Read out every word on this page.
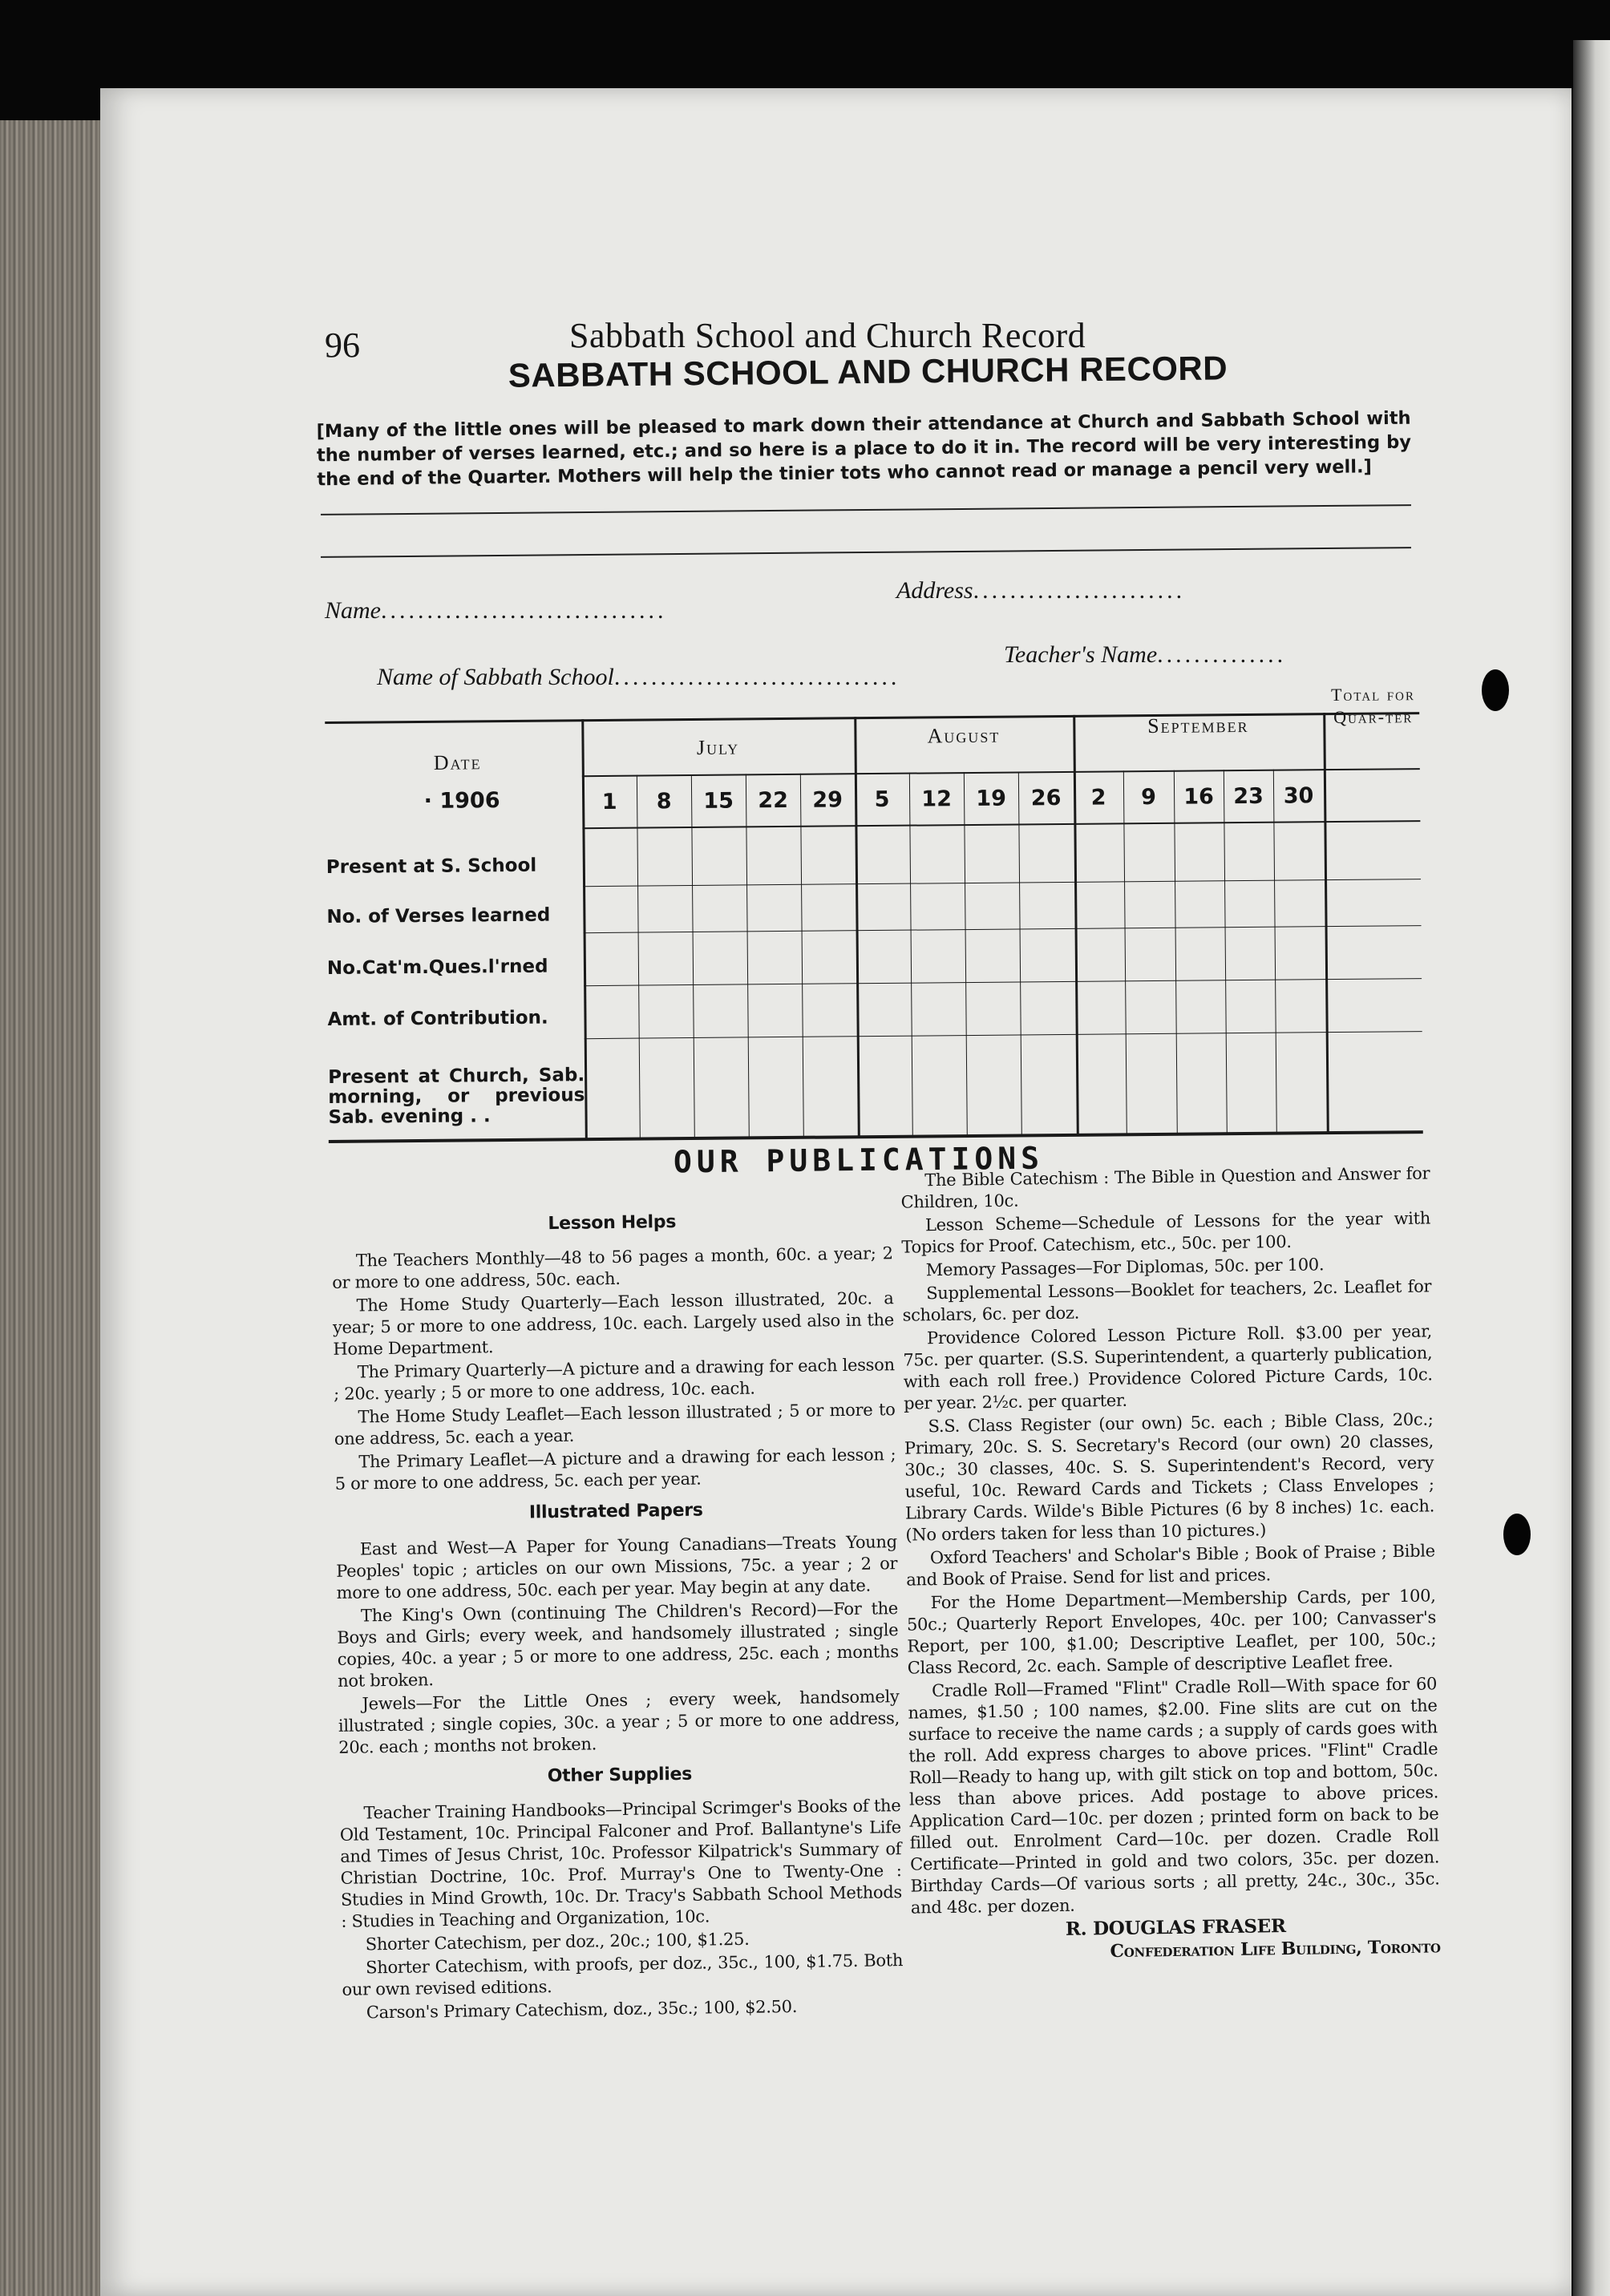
96	Sabbath School and Church Record
SABBATH SCHOOL AND CHURCH RECORD
[Many of the little ones will be pleased to mark down their attendance at Church and Sabbath School with the number of verses learned, etc.; and so here is a place to do it in. The record will be very interesting by the end of the Quarter. Mothers will help the tinier tots who cannot read or manage a pencil very well.]
Name...............................
Address.......................
Name of Sabbath School...............................
Teacher's Name..............
Date
· 1906
Total for Quar-ter
July	August	September
1	8	15	22	29	5	12	19	26	2	9	16 23 30
Present at S. School
No. of Verses learned
No.Cat'm.Ques.l'rned
Amt. of Contribution.
Present at Church, Sab. morning, or previous Sab. evening . .
OUR PUBLICATIONS

Lesson Helps

The Teachers Monthly—48 to 56 pages a month, 60c. a year; 2 or more to one address, 50c. each.

The Home Study Quarterly—Each lesson illustrated, 20c. a year; 5 or more to one address, 10c. each. Largely used also in the Home Department.

The Primary Quarterly—A picture and a drawing for each lesson ; 20c. yearly ; 5 or more to one address, 10c. each.

The Home Study Leaflet—Each lesson illustrated ; 5 or more to one address, 5c. each a year.

The Primary Leaflet—A picture and a drawing for each lesson ; 5 or more to one address, 5c. each per year.

Illustrated Papers

East and West—A Paper for Young Canadians—Treats Young Peoples' topic ; articles on our own Missions, 75c. a year ; 2 or more to one address, 50c. each per year. May begin at any date.

The King's Own (continuing The Children's Record)—For the Boys and Girls; every week, and handsomely illustrated ; single copies, 40c. a year ; 5 or more to one address, 25c. each ; months not broken.

Jewels—For the Little Ones ; every week, handsomely illustrated ; single copies, 30c. a year ; 5 or more to one address, 20c. each ; months not broken.

Other Supplies

Teacher Training Handbooks—Principal Scrimger's Books of the Old Testament, 10c. Principal Falconer and Prof. Ballantyne's Life and Times of Jesus Christ, 10c. Professor Kilpatrick's Summary of Christian Doctrine, 10c. Prof. Murray's One to Twenty-One : Studies in Mind Growth, 10c. Dr. Tracy's Sabbath School Methods : Studies in Teaching and Organization, 10c.

Shorter Catechism, per doz., 20c.; 100, $1.25.

Shorter Catechism, with proofs, per doz., 35c., 100, $1.75. Both our own revised editions.

Carson's Primary Catechism, doz., 35c.; 100, $2.50.

The Bible Catechism : The Bible in Question and Answer for Children, 10c.

Lesson Scheme—Schedule of Lessons for the year with Topics for Proof. Catechism, etc., 50c. per 100.

Memory Passages—For Diplomas, 50c. per 100.

Supplemental Lessons—Booklet for teachers, 2c. Leaflet for scholars, 6c. per doz.

Providence Colored Lesson Picture Roll. $3.00 per year, 75c. per quarter. (S.S. Superintendent, a quarterly publication, with each roll free.) Providence Colored Picture Cards, 10c. per year. 2½c. per quarter.

S.S. Class Register (our own) 5c. each ; Bible Class, 20c.; Primary, 20c. S. S. Secretary's Record (our own) 20 classes, 30c.; 30 classes, 40c. S. S. Superintendent's Record, very useful, 10c. Reward Cards and Tickets ; Class Envelopes ; Library Cards. Wilde's Bible Pictures (6 by 8 inches) 1c. each. (No orders taken for less than 10 pictures.)

Oxford Teachers' and Scholar's Bible ; Book of Praise ; Bible and Book of Praise. Send for list and prices.

For the Home Department—Membership Cards, per 100, 50c.; Quarterly Report Envelopes, 40c. per 100; Canvasser's Report, per 100, $1.00; Descriptive Leaflet, per 100, 50c.; Class Record, 2c. each. Sample of descriptive Leaflet free.

Cradle Roll—Framed "Flint" Cradle Roll—With space for 60 names, $1.50 ; 100 names, $2.00. Fine slits are cut on the surface to receive the name cards ; a supply of cards goes with the roll. Add express charges to above prices. "Flint" Cradle Roll—Ready to hang up, with gilt stick on top and bottom, 50c. less than above prices. Add postage to above prices. Application Card—10c. per dozen ; printed form on back to be filled out. Enrolment Card—10c. per dozen. Cradle Roll Certificate—Printed in gold and two colors, 35c. per dozen. Birthday Cards—Of various sorts ; all pretty, 24c., 30c., 35c. and 48c. per dozen.

R. DOUGLAS FRASER

Confederation Life Building, Toronto
